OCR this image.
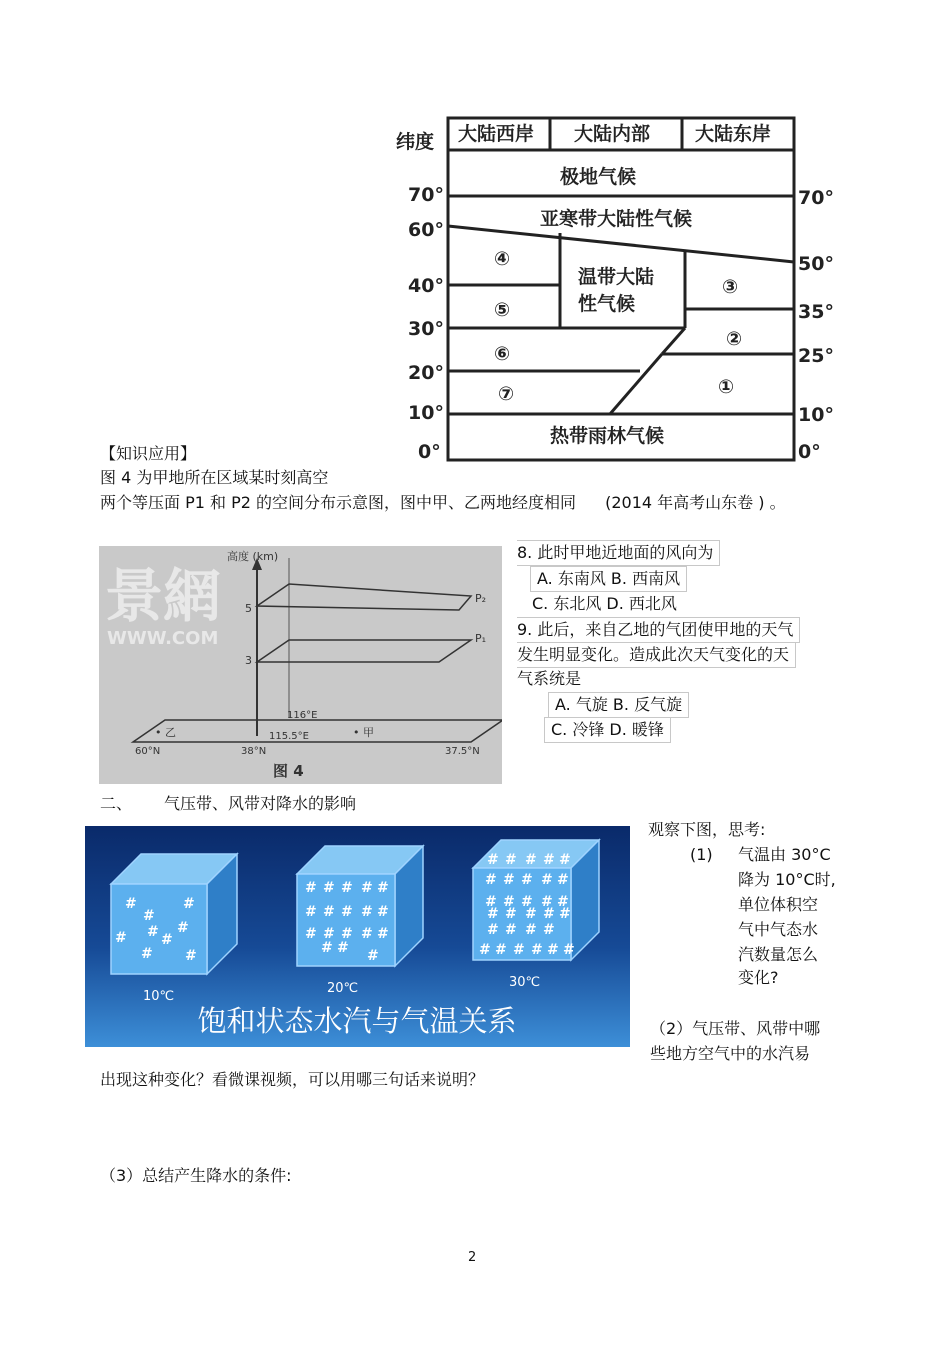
纬度 大陆西岸 大陆内部 大陆东岸
70°
60°
40°
30°
20°
10°
0°
70°
50°
35°
25°
10°
0°
极地气候
亚寒带大陆性气候
温带大陆
性气候
热带雨林气候
④
⑤
⑥
⑦
③
②
①
【知识应用】
图 4 为甲地所在区域某时刻高空
两个等压面 P1 和 P2 的空间分布示意图，图中甲、乙两地经度相同 (2014 年高考山东卷 ) 。
景網
WWW.COM
高度 (km)
5
3
P₂
P₁
116°E
115.5°E
• 乙	• 甲
60°N	38°N	37.5°N
图 4
8. 此时甲地近地面的风向为
A. 东南风 B. 西南风
C. 东北风 D. 西北风
9. 此后，来自乙地的气团使甲地的天气
发生明显变化。造成此次天气变化的天
气系统是
A. 气旋 B. 反气旋
C. 冷锋 D. 暖锋
二、 气压带、风带对降水的影响
#
#
#
# # #
#
# #
# # # # #
# # # # #
# # # # #
# # #
# # # # #
# # # # #
# # # # #
# # # # #
# # # #
# # # # # #
10℃
20℃	30℃
饱和状态水汽与气温关系
观察下图，思考:
(1) 气温由 30°C
降为 10°C时,
单位体积空
气中气态水
汽数量怎么
变化?
（2）气压带、风带中哪
些地方空气中的水汽易
出现这种变化？看微课视频，可以用哪三句话来说明？
（3）总结产生降水的条件:
2
